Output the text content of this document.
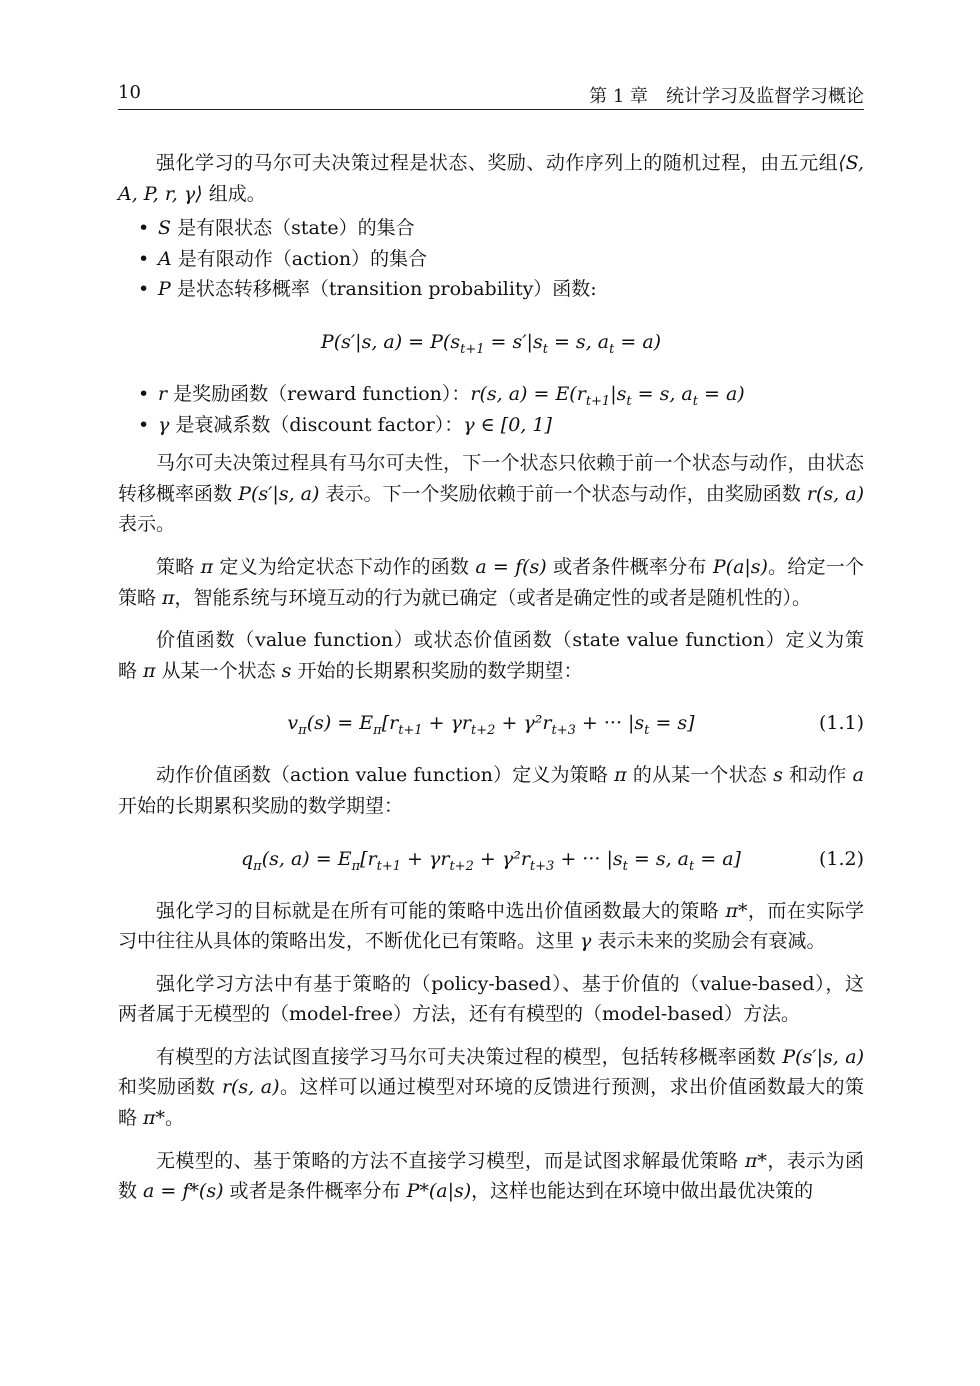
10	第 1 章　统计学习及监督学习概论

强化学习的马尔可夫决策过程是状态、奖励、动作序列上的随机过程，由五元组⟨S, A, P, r, γ⟩ 组成。

• S 是有限状态（state）的集合
• A 是有限动作（action）的集合
• P 是状态转移概率（transition probability）函数:
P(s′|s, $a) = P(s_{t+1} = s'|s_t = s$, $a_t = a$)
• r 是奖励函数（reward function）：r(s, $a) = E(r_{t+1}|s_t = s$, $a_t = a$)
• γ 是衰减系数（discount factor）：γ ∈ [0, 1]

马尔可夫决策过程具有马尔可夫性，下一个状态只依赖于前一个状态与动作，由状态转移概率函数 P(s′|s, a) 表示。下一个奖励依赖于前一个状态与动作，由奖励函数 r(s, a) 表示。

策略 π 定义为给定状态下动作的函数 a = f(s) 或者条件概率分布 P(a|s)。给定一个策略 π，智能系统与环境互动的行为就已确定（或者是确定性的或者是随机性的）。

价值函数（value function）或状态价值函数（state value function）定义为策略 π 从某一个状态 s 开始的长期累积奖励的数学期望：

$v_\pi(s) = E_\pi[r_{t+1} + \gamma r_{t+2} + \gamma^2r_{t+3}$ + ··· $|s_t = s$]	(1.1)

动作价值函数（action value function）定义为策略 π 的从某一个状态 s 和动作 a 开始的长期累积奖励的数学期望：

$q_\pi(s$, $a) = E_\pi[r_{t+1} + \gamma r_{t+2} + \gamma^2r_{t+3}$ + ··· $|s_t = s$, $a_t = a$]	(1.2)

强化学习的目标就是在所有可能的策略中选出价值函数最大的策略 π*，而在实际学习中往往从具体的策略出发，不断优化已有策略。这里 γ 表示未来的奖励会有衰减。

强化学习方法中有基于策略的（policy-based）、基于价值的（value-based），这两者属于无模型的（model-free）方法，还有有模型的（model-based）方法。

有模型的方法试图直接学习马尔可夫决策过程的模型，包括转移概率函数 P(s′|s, a) 和奖励函数 r(s, a)。这样可以通过模型对环境的反馈进行预测，求出价值函数最大的策略 π*。

无模型的、基于策略的方法不直接学习模型，而是试图求解最优策略 π*，表示为函数 a = f*(s) 或者是条件概率分布 P*(a|s)，这样也能达到在环境中做出最优决策的
